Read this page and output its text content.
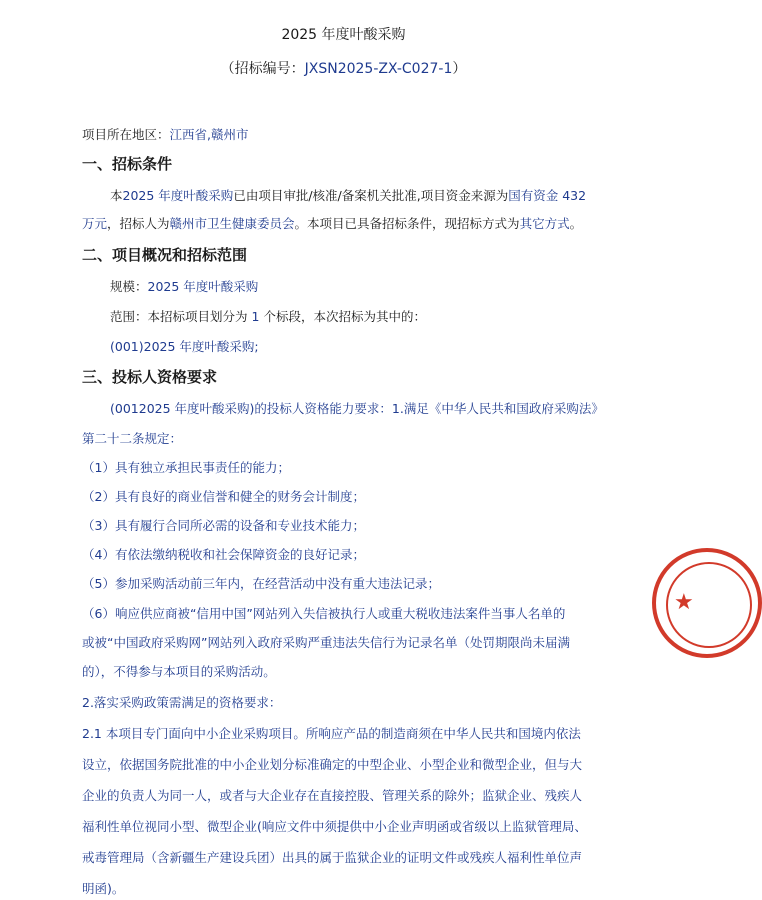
2025 年度叶酸采购
（招标编号：JXSN2025-ZX-C027-1）
项目所在地区：江西省,赣州市
一、招标条件
本2025 年度叶酸采购已由项目审批/核准/备案机关批准,项目资金来源为国有资金 432
万元，招标人为赣州市卫生健康委员会。本项目已具备招标条件，现招标方式为其它方式。
二、项目概况和招标范围
规模：2025 年度叶酸采购
范围：本招标项目划分为 1 个标段，本次招标为其中的：
(001)2025 年度叶酸采购;
三、投标人资格要求
(0012025 年度叶酸采购)的投标人资格能力要求：1.满足《中华人民共和国政府采购法》
第二十二条规定：
（1）具有独立承担民事责任的能力；
（2）具有良好的商业信誉和健全的财务会计制度；
（3）具有履行合同所必需的设备和专业技术能力；
（4）有依法缴纳税收和社会保障资金的良好记录；
（5）参加采购活动前三年内，在经营活动中没有重大违法记录；
（6）响应供应商被“信用中国”网站列入失信被执行人或重大税收违法案件当事人名单的
或被“中国政府采购网”网站列入政府采购严重违法失信行为记录名单（处罚期限尚未届满
的），不得参与本项目的采购活动。
2.落实采购政策需满足的资格要求：
2.1 本项目专门面向中小企业采购项目。所响应产品的制造商须在中华人民共和国境内依法
设立，依据国务院批准的中小企业划分标准确定的中型企业、小型企业和微型企业，但与大
企业的负责人为同一人，或者与大企业存在直接控股、管理关系的除外；监狱企业、残疾人
福利性单位视同小型、微型企业(响应文件中须提供中小企业声明函或省级以上监狱管理局、
戒毒管理局（含新疆生产建设兵团）出具的属于监狱企业的证明文件或残疾人福利性单位声
明函)。
★
